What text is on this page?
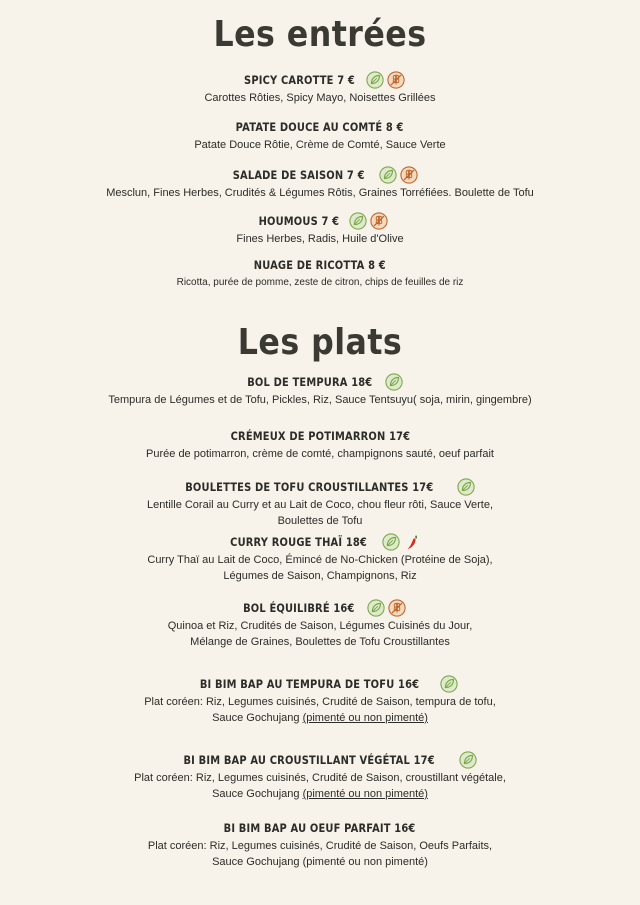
Les entrées
SPICY CAROTTE 7 €
Carottes Rôties, Spicy Mayo, Noisettes Grillées
PATATE DOUCE AU COMTÉ 8 €
Patate Douce Rôtie, Crème de Comté, Sauce Verte
SALADE DE SAISON 7 €
Mesclun, Fines Herbes, Crudités & Légumes Rôtis, Graines Torréfiées. Boulette de Tofu
HOUMOUS 7 €
Fines Herbes, Radis, Huile d'Olive
NUAGE DE RICOTTA 8 €
Ricotta, purée de pomme, zeste de citron, chips de feuilles de riz
Les plats
BOL DE TEMPURA 18€
Tempura de Légumes et de Tofu, Pickles, Riz, Sauce Tentsuyu( soja, mirin, gingembre)
CRÉMEUX DE POTIMARRON 17€
Purée de potimarron, crème de comté, champignons sauté, oeuf parfait
BOULETTES DE TOFU CROUSTILLANTES 17€
Lentille Corail au Curry et au Lait de Coco, chou fleur rôti, Sauce Verte,
Boulettes de Tofu
CURRY ROUGE THAÏ 18€
Curry Thaï au Lait de Coco, Émincé de No-Chicken (Protéine de Soja),
Légumes de Saison, Champignons, Riz
BOL ÉQUILIBRÉ 16€
Quinoa et Riz, Crudités de Saison, Légumes Cuisinés du Jour,
Mélange de Graines, Boulettes de Tofu Croustillantes
BI BIM BAP AU TEMPURA DE TOFU 16€
Plat coréen: Riz, Legumes cuisinés, Crudité de Saison, tempura de tofu,
Sauce Gochujang (pimenté ou non pimenté)
BI BIM BAP AU CROUSTILLANT VÉGÉTAL 17€
Plat coréen: Riz, Legumes cuisinés, Crudité de Saison, croustillant végétale,
Sauce Gochujang (pimenté ou non pimenté)
BI BIM BAP AU OEUF PARFAIT 16€
Plat coréen: Riz, Legumes cuisinés, Crudité de Saison, Oeufs Parfaits,
Sauce Gochujang (pimenté ou non pimenté)
